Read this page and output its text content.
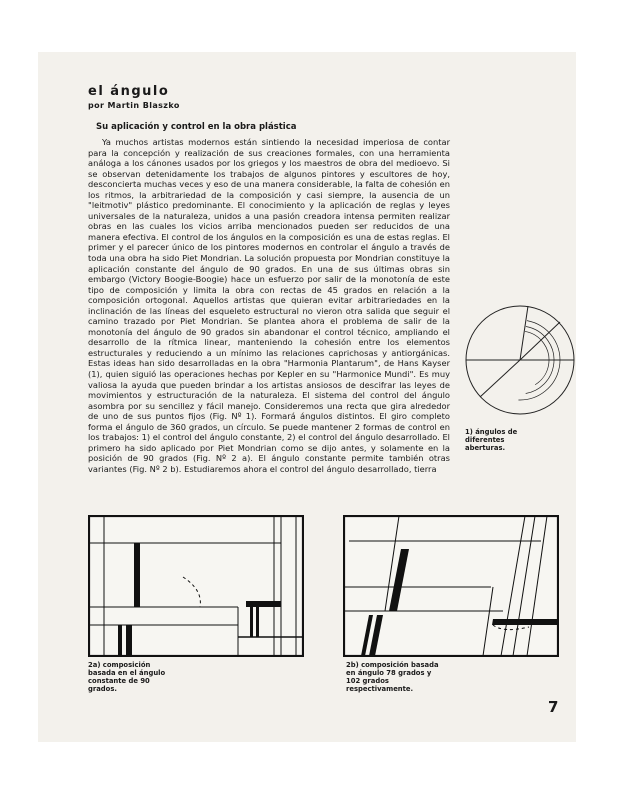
el ángulo
por Martin Blaszko
Su aplicación y control en la obra plástica

Ya muchos artistas modernos están sintiendo la necesidad imperiosa de contar para la concepción y realización de sus creaciones formales, con una herramienta análoga a los cánones usados por los griegos y los maestros de obra del medioevo. Si se observan detenidamente los trabajos de algunos pintores y escultores de hoy, desconcierta muchas veces y eso de una manera considerable, la falta de cohesión en los ritmos, la arbitrariedad de la composición y casi siempre, la ausencia de un "leitmotiv" plástico predominante. El conocimiento y la aplicación de reglas y leyes universales de la naturaleza, unidos a una pasión creadora intensa permiten realizar obras en las cuales los vicios arriba mencionados pueden ser reducidos de una manera efectiva. El control de los ángulos en la composición es una de estas reglas. El primer y el parecer único de los pintores modernos en controlar el ángulo a través de toda una obra ha sido Piet Mondrian. La solución propuesta por Mondrian constituye la aplicación constante del ángulo de 90 grados. En una de sus últimas obras sin embargo (Victory Boogie-Boogie) hace un esfuerzo por salir de la monotonía de este tipo de composición y limita la obra con rectas de 45 grados en relación a la composición ortogonal. Aquellos artistas que quieran evitar arbitrariedades en la inclinación de las líneas del esqueleto estructural no vieron otra salida que seguir el camino trazado por Piet Mondrian. Se plantea ahora el problema de salir de la monotonía del ángulo de 90 grados sin abandonar el control técnico, ampliando el desarrollo de la rítmica linear, manteniendo la cohesión entre los elementos estructurales y reduciendo a un mínimo las relaciones caprichosas y antiorgánicas. Estas ideas han sido desarrolladas en la obra "Harmonia Plantarum", de Hans Kayser (1), quien siguió las operaciones hechas por Kepler en su "Harmonice Mundi". Es muy valiosa la ayuda que pueden brindar a los artistas ansiosos de descifrar las leyes de movimientos y estructuración de la naturaleza. El sistema del control del ángulo asombra por su sencillez y fácil manejo. Consideremos una recta que gira alrededor de uno de sus puntos fijos (Fig. Nº 1). Formará ángulos distintos. El giro completo forma el ángulo de 360 grados, un círculo. Se puede mantener 2 formas de control en los trabajos: 1) el control del ángulo constante, 2) el control del ángulo desarrollado. El primero ha sido aplicado por Piet Mondrian como se dijo antes, y solamente en la posición de 90 grados (Fig. Nº 2 a). El ángulo constante permite también otras variantes (Fig. Nº 2 b). Estudiaremos ahora el control del ángulo desarrollado, tierra

1) ángulos de diferentes aberturas.

2a) composición basada en el ángulo constante de 90 grados.

2b) composición basada en ángulo 78 grados y 102 grados respectivamente.

7
